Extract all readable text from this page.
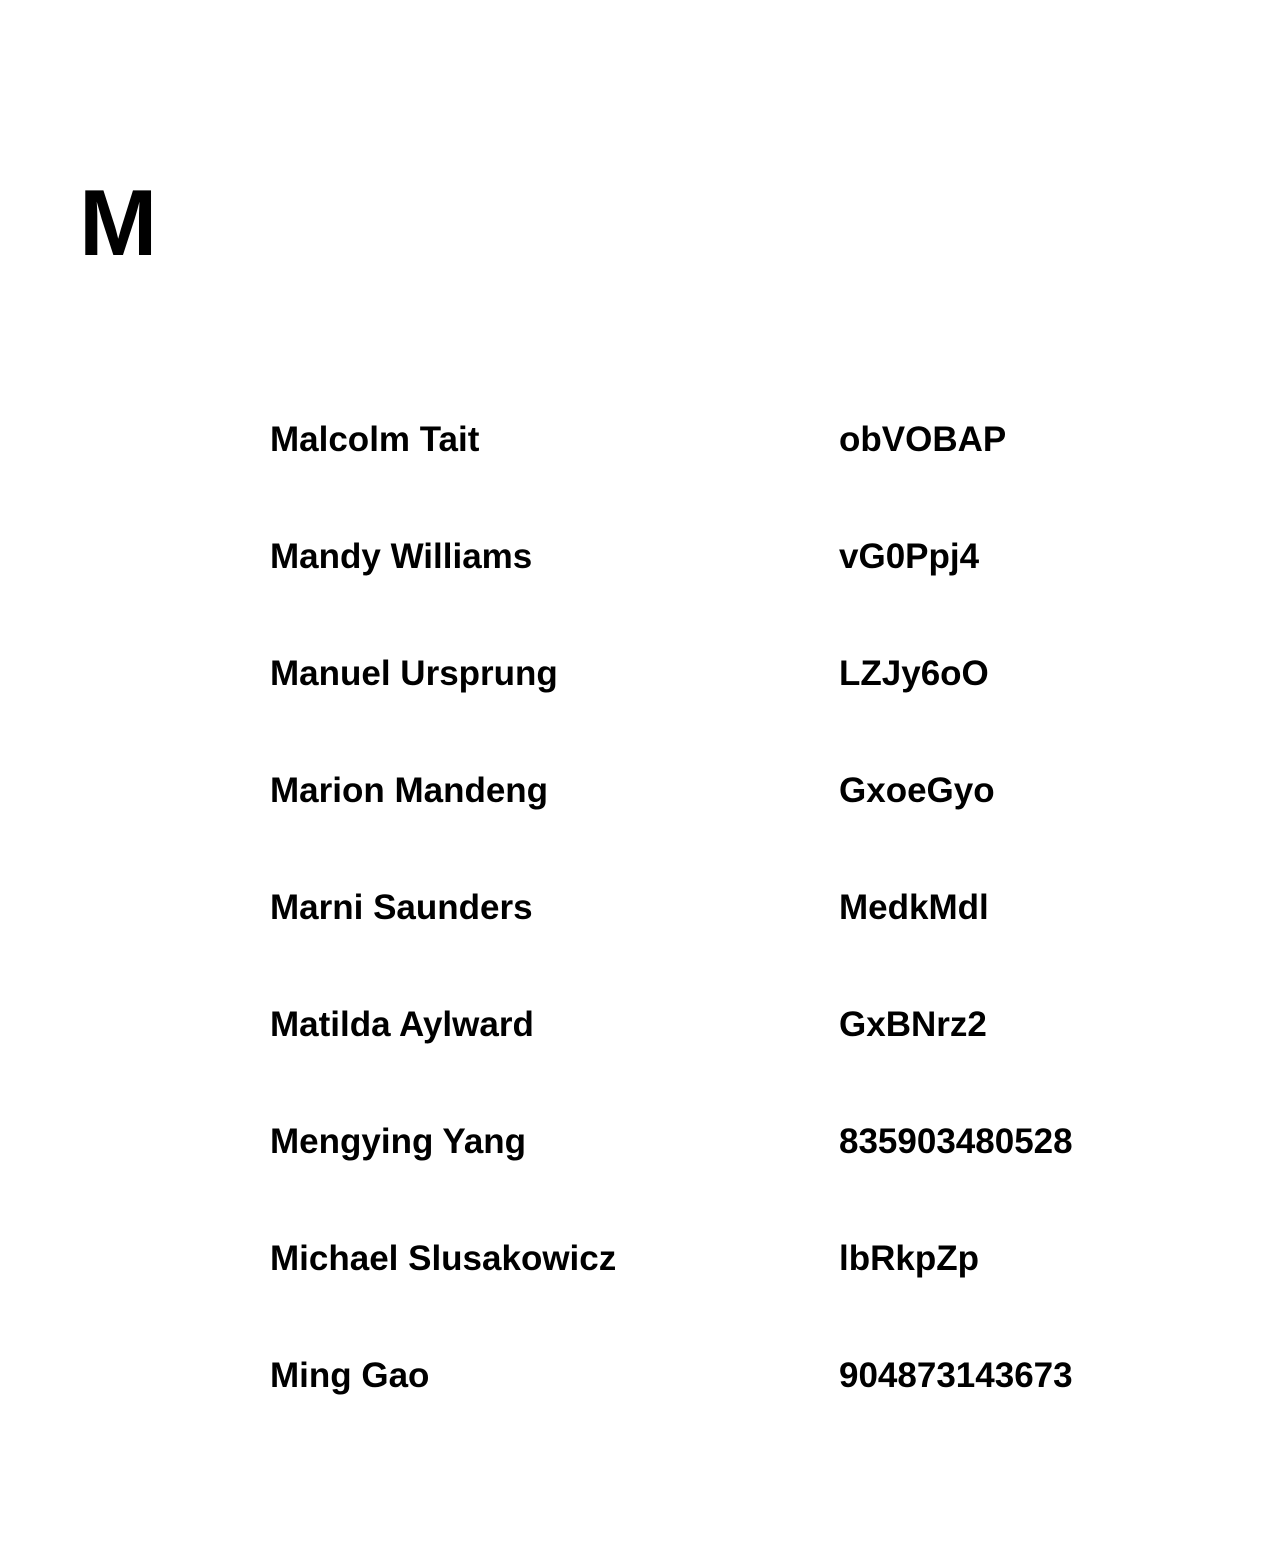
M
Malcolm Tait	obVOBAP
Mandy Williams	vG0Ppj4
Manuel Ursprung	LZJy6oO
Marion Mandeng	GxoeGyo
Marni Saunders	MedkMdl
Matilda Aylward	GxBNrz2
Mengying Yang	835903480528
Michael Slusakowicz	lbRkpZp
Ming Gao	904873143673
